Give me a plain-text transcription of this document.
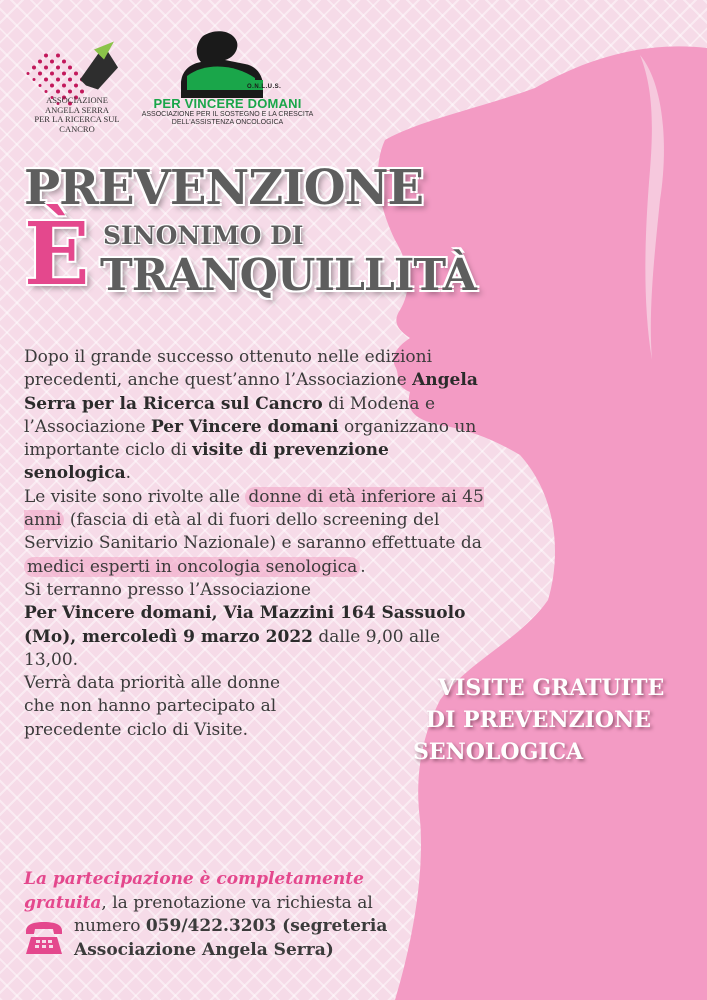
ASSOCIAZIONE
ANGELA SERRA
PER LA RICERCA SUL
CANCRO
O.N.L.U.S.
PER VINCERE DOMANI
ASSOCIAZIONE PER IL SOSTEGNO E LA CRESCITA
DELL'ASSISTENZA ONCOLOGICA
PREVENZIONE
È SINONIMO DI
TRANQUILLITÀ

Dopo il grande successo ottenuto nelle edizioni precedenti, anche quest’anno l’Associazione Angela Serra per la Ricerca sul Cancro di Modena e l’Associazione Per Vincere domani organizzano un importante ciclo di visite di prevenzione senologica.

Le visite sono rivolte alle donne di età inferiore ai 45 anni (fascia di età al di fuori dello screening del Servizio Sanitario Nazionale) e saranno effettuate da medici esperti in oncologia senologica .

Si terranno presso l’Associazione
Per Vincere domani, Via Mazzini 164 Sassuolo (Mo), mercoledì 9 marzo 2022 dalle 9,00 alle 13,00.

Verrà data priorità alle donne che non hanno partecipato al precedente ciclo di Visite.

VISITE GRATUITE
DI PREVENZIONE
SENOLOGICA
La partecipazione è completamente gratuita, la prenotazione va richiesta al
numero 059/422.3203 (segreteria Associazione Angela Serra)
